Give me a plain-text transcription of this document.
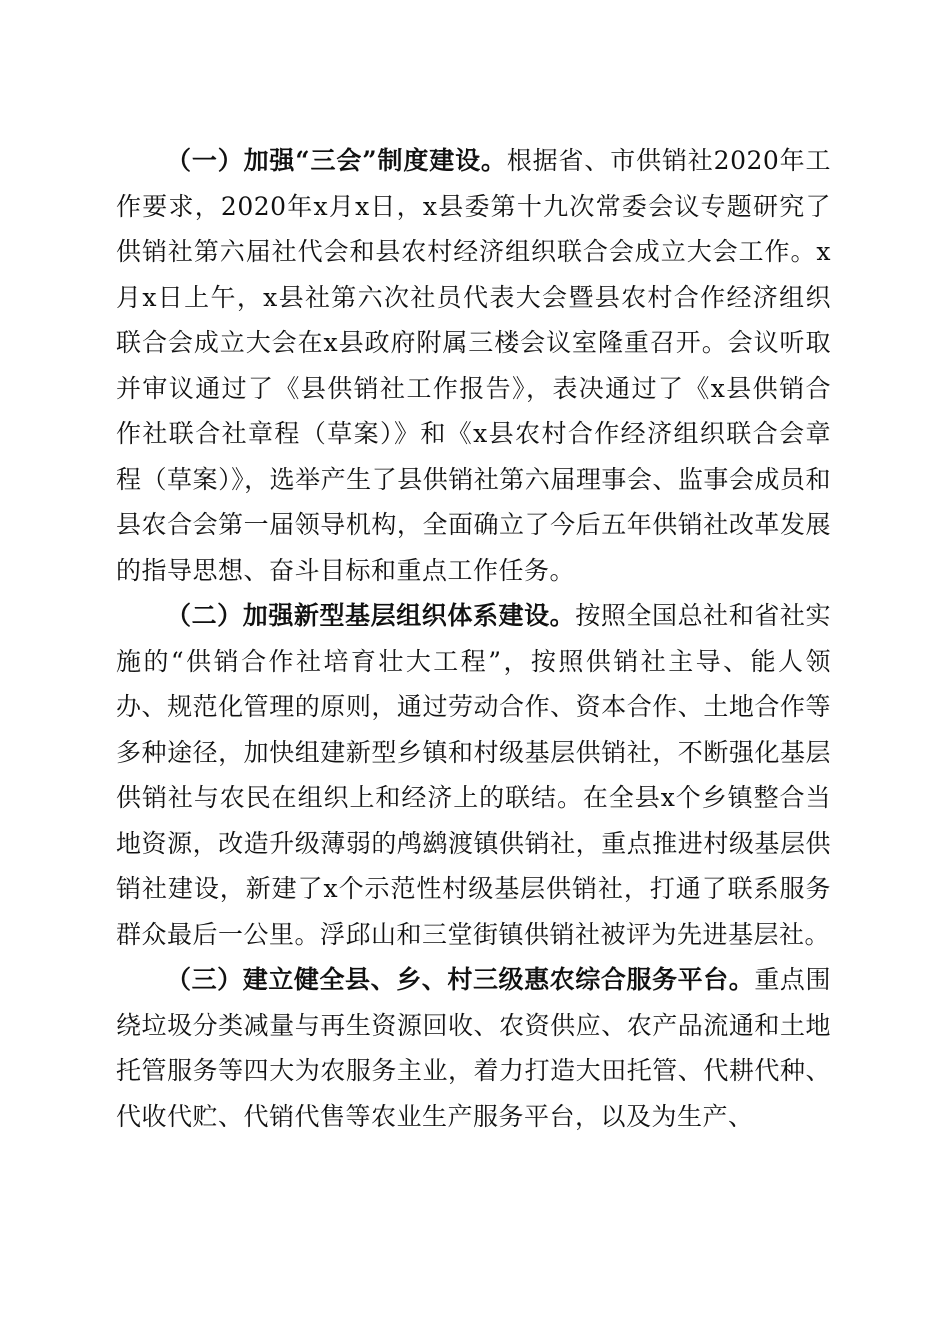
（一）加强“三会”制度建设。根据省、市供销社2020年工作要求，2020年x月x日，x县委第十九次常委会议专题研究了供销社第六届社代会和县农村经济组织联合会成立大会工作。x月x日上午，x县社第六次社员代表大会暨县农村合作经济组织联合会成立大会在x县政府附属三楼会议室隆重召开。会议听取并审议通过了《县供销社工作报告》，表决通过了《x县供销合作社联合社章程（草案）》和《x县农村合作经济组织联合会章程（草案）》，选举产生了县供销社第六届理事会、监事会成员和县农合会第一届领导机构，全面确立了今后五年供销社改革发展的指导思想、奋斗目标和重点工作任务。

（二）加强新型基层组织体系建设。按照全国总社和省社实施的“供销合作社培育壮大工程”，按照供销社主导、能人领办、规范化管理的原则，通过劳动合作、资本合作、土地合作等多种途径，加快组建新型乡镇和村级基层供销社，不断强化基层供销社与农民在组织上和经济上的联结。在全县x个乡镇整合当地资源，改造升级薄弱的鸬鹚渡镇供销社，重点推进村级基层供销社建设，新建了x个示范性村级基层供销社，打通了联系服务群众最后一公里。浮邱山和三堂街镇供销社被评为先进基层社。

（三）建立健全县、乡、村三级惠农综合服务平台。重点围绕垃圾分类减量与再生资源回收、农资供应、农产品流通和土地托管服务等四大为农服务主业，着力打造大田托管、代耕代种、代收代贮、代销代售等农业生产服务平台，以及为生产、
